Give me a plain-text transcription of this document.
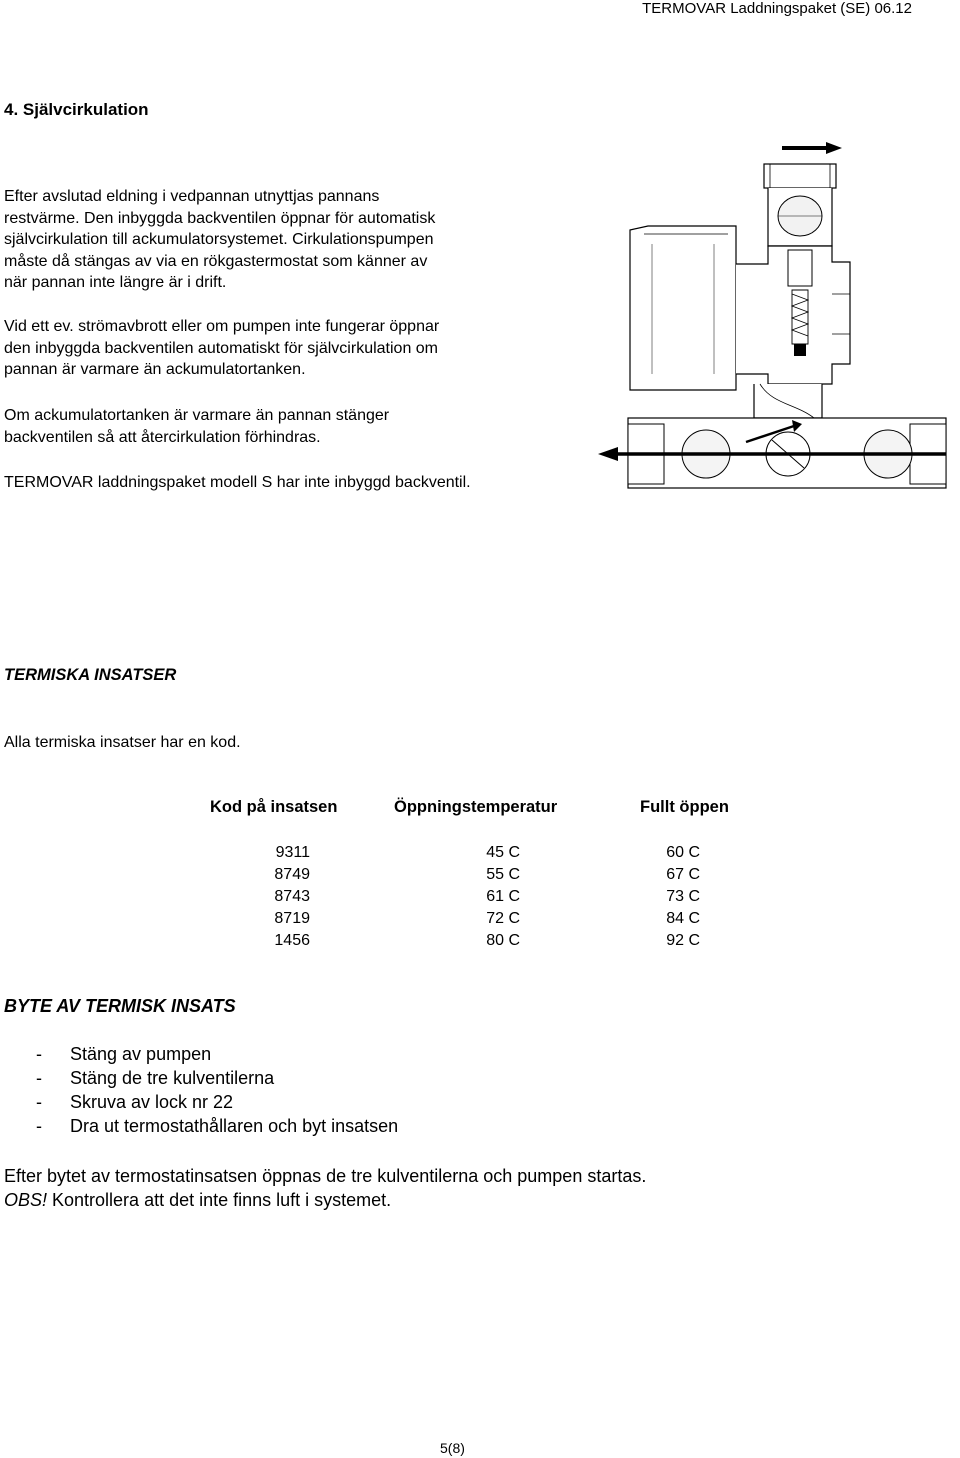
TERMOVAR Laddningspaket (SE) 06.12
4. Självcirkulation
Efter avslutad eldning i vedpannan utnyttjas pannans
restvärme. Den inbyggda backventilen öppnar för automatisk
självcirkulation till ackumulatorsystemet. Cirkulationspumpen
måste då stängas av via en rökgastermostat som känner av
när pannan inte längre är i drift.
Vid ett ev. strömavbrott eller om pumpen inte fungerar öppnar
den inbyggda backventilen automatiskt för självcirkulation om
pannan är varmare än ackumulatortanken.
Om ackumulatortanken är varmare än pannan stänger
backventilen så att återcirkulation förhindras.
TERMOVAR laddningspaket modell S har inte inbyggd backventil.
TERMISKA INSATSER
Alla termiska insatser har en kod.
Kod på insatsen	Öppningstemperatur	Fullt öppen
9311
8749
8743
8719
1456
45 C
55 C
61 C
72 C
80 C
60 C
67 C
73 C
84 C
92 C
BYTE AV TERMISK INSATS
- Stäng av pumpen
- Stäng de tre kulventilerna
- Skruva av lock nr 22
- Dra ut termostathållaren och byt insatsen
Efter bytet av termostatinsatsen öppnas de tre kulventilerna och pumpen startas.
OBS! Kontrollera att det inte finns luft i systemet.
5(8)
